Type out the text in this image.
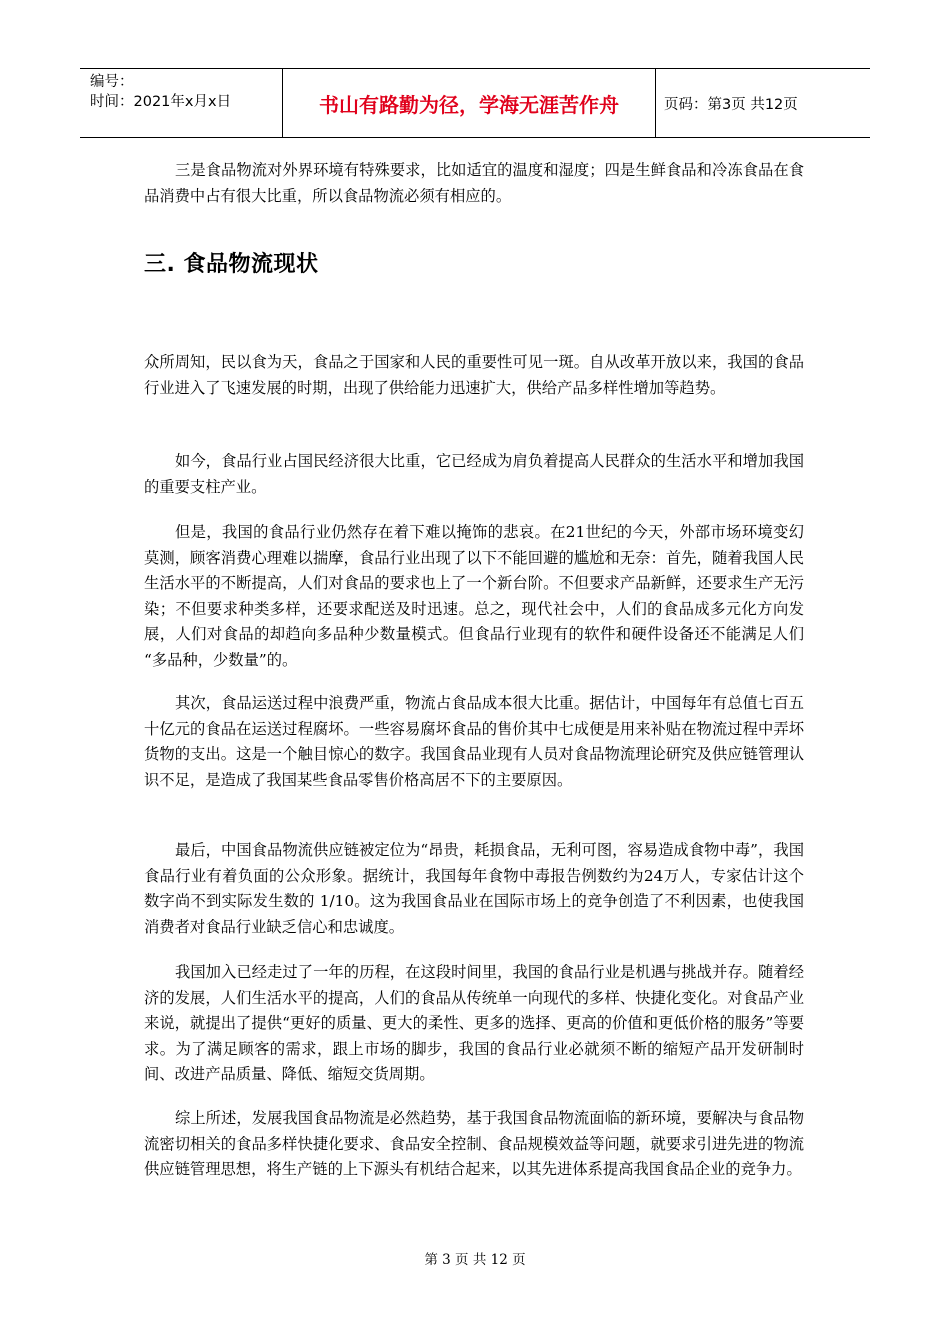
编号：
时间：2021年x月x日	书山有路勤为径，学海无涯苦作舟	页码：第3页 共12页

三是食品物流对外界环境有特殊要求，比如适宜的温度和湿度；四是生鲜食品和冷冻食品在食品消费中占有很大比重，所以食品物流必须有相应的。

三. 食品物流现状

众所周知，民以食为天，食品之于国家和人民的重要性可见一斑。自从改革开放以来，我国的食品行业进入了飞速发展的时期，出现了供给能力迅速扩大，供给产品多样性增加等趋势。

如今，食品行业占国民经济很大比重，它已经成为肩负着提高人民群众的生活水平和增加我国的重要支柱产业。

但是，我国的食品行业仍然存在着下难以掩饰的悲哀。在21世纪的今天，外部市场环境变幻莫测，顾客消费心理难以揣摩，食品行业出现了以下不能回避的尴尬和无奈：首先，随着我国人民生活水平的不断提高，人们对食品的要求也上了一个新台阶。不但要求产品新鲜，还要求生产无污染；不但要求种类多样，还要求配送及时迅速。总之，现代社会中，人们的食品成多元化方向发展，人们对食品的却趋向多品种少数量模式。但食品行业现有的软件和硬件设备还不能满足人们 “多品种，少数量”的。

其次，食品运送过程中浪费严重，物流占食品成本很大比重。据估计，中国每年有总值七百五十亿元的食品在运送过程腐坏。一些容易腐坏食品的售价其中七成便是用来补贴在物流过程中弄坏货物的支出。这是一个触目惊心的数字。我国食品业现有人员对食品物流理论研究及供应链管理认识不足，是造成了我国某些食品零售价格高居不下的主要原因。

最后，中国食品物流供应链被定位为“昂贵，耗损食品，无利可图，容易造成食物中毒”，我国食品行业有着负面的公众形象。据统计，我国每年食物中毒报告例数约为24万人，专家估计这个数字尚不到实际发生数的 1/10。这为我国食品业在国际市场上的竞争创造了不利因素，也使我国消费者对食品行业缺乏信心和忠诚度。

我国加入已经走过了一年的历程，在这段时间里，我国的食品行业是机遇与挑战并存。随着经济的发展，人们生活水平的提高，人们的食品从传统单一向现代的多样、快捷化变化。对食品产业来说，就提出了提供“更好的质量、更大的柔性、更多的选择、更高的价值和更低价格的服务”等要求。为了满足顾客的需求，跟上市场的脚步，我国的食品行业必就须不断的缩短产品开发研制时间、改进产品质量、降低、缩短交货周期。

综上所述，发展我国食品物流是必然趋势，基于我国食品物流面临的新环境，要解决与食品物流密切相关的食品多样快捷化要求、食品安全控制、食品规模效益等问题，就要求引进先进的物流供应链管理思想，将生产链的上下源头有机结合起来，以其先进体系提高我国食品企业的竞争力。

第 3 页 共 12 页
